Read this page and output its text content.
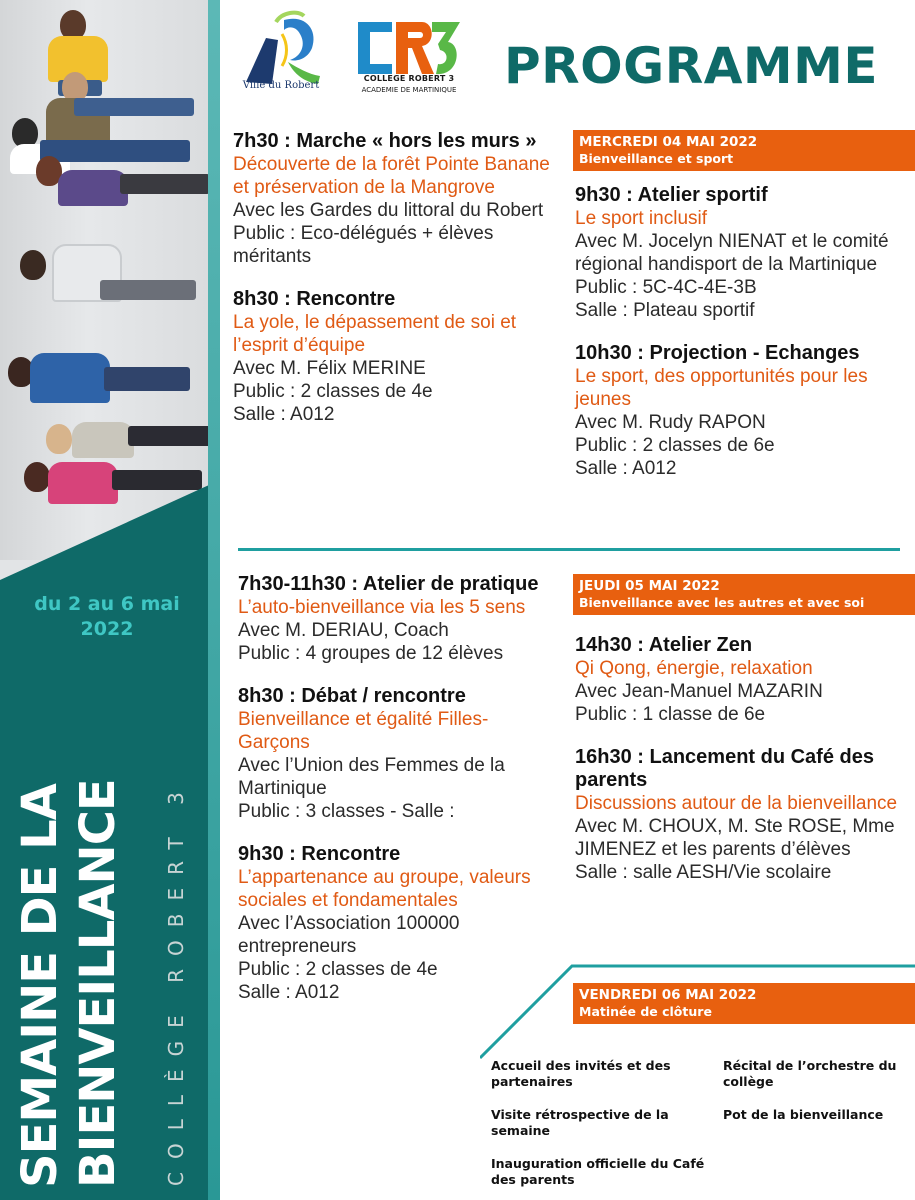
du 2 au 6 mai 2022
SEMAINE DE LA BIENVEILLANCE COLLÈGE ROBERT 3
Ville du Robert
COLLEGE ROBERT 3
ACADEMIE DE MARTINIQUE PROGRAMME
7h30 : Marche « hors les murs »
Découverte de la forêt Pointe Banane et préservation de la Mangrove
Avec les Gardes du littoral du Robert
Public : Eco-délégués + élèves méritants
8h30 : Rencontre
La yole, le dépassement de soi et l’esprit d’équipe
Avec M. Félix MERINE
Public : 2 classes de 4e
Salle : A012
MERCREDI 04 MAI 2022
Bienveillance et sport
9h30 : Atelier sportif
Le sport inclusif
Avec M. Jocelyn NIENAT et le comité régional handisport de la Martinique
Public : 5C-4C-4E-3B
Salle : Plateau sportif
10h30 : Projection - Echanges
Le sport, des opportunités pour les jeunes
Avec M. Rudy RAPON
Public : 2 classes de 6e
Salle : A012
7h30-11h30 : Atelier de pratique
L’auto-bienveillance via les 5 sens
Avec M. DERIAU, Coach
Public : 4 groupes de 12 élèves
8h30 : Débat / rencontre
Bienveillance et égalité Filles-Garçons
Avec l’Union des Femmes de la Martinique
Public : 3 classes - Salle :
9h30 : Rencontre
L’appartenance au groupe, valeurs sociales et fondamentales
Avec l’Association 100000 entrepreneurs
Public : 2 classes de 4e
Salle : A012
JEUDI 05 MAI 2022
Bienveillance avec les autres et avec soi
14h30 : Atelier Zen
Qi Qong, énergie, relaxation
Avec Jean-Manuel MAZARIN
Public : 1 classe de 6e
16h30 : Lancement du Café des parents
Discussions autour de la bienveillance
Avec M. CHOUX, M. Ste ROSE, Mme JIMENEZ et les parents d’élèves
Salle : salle AESH/Vie scolaire
VENDREDI 06 MAI 2022
Matinée de clôture
Accueil des invités et des partenaires
Visite rétrospective de la semaine
Inauguration officielle du Café des parents
Récital de l’orchestre du collège
Pot de la bienveillance
